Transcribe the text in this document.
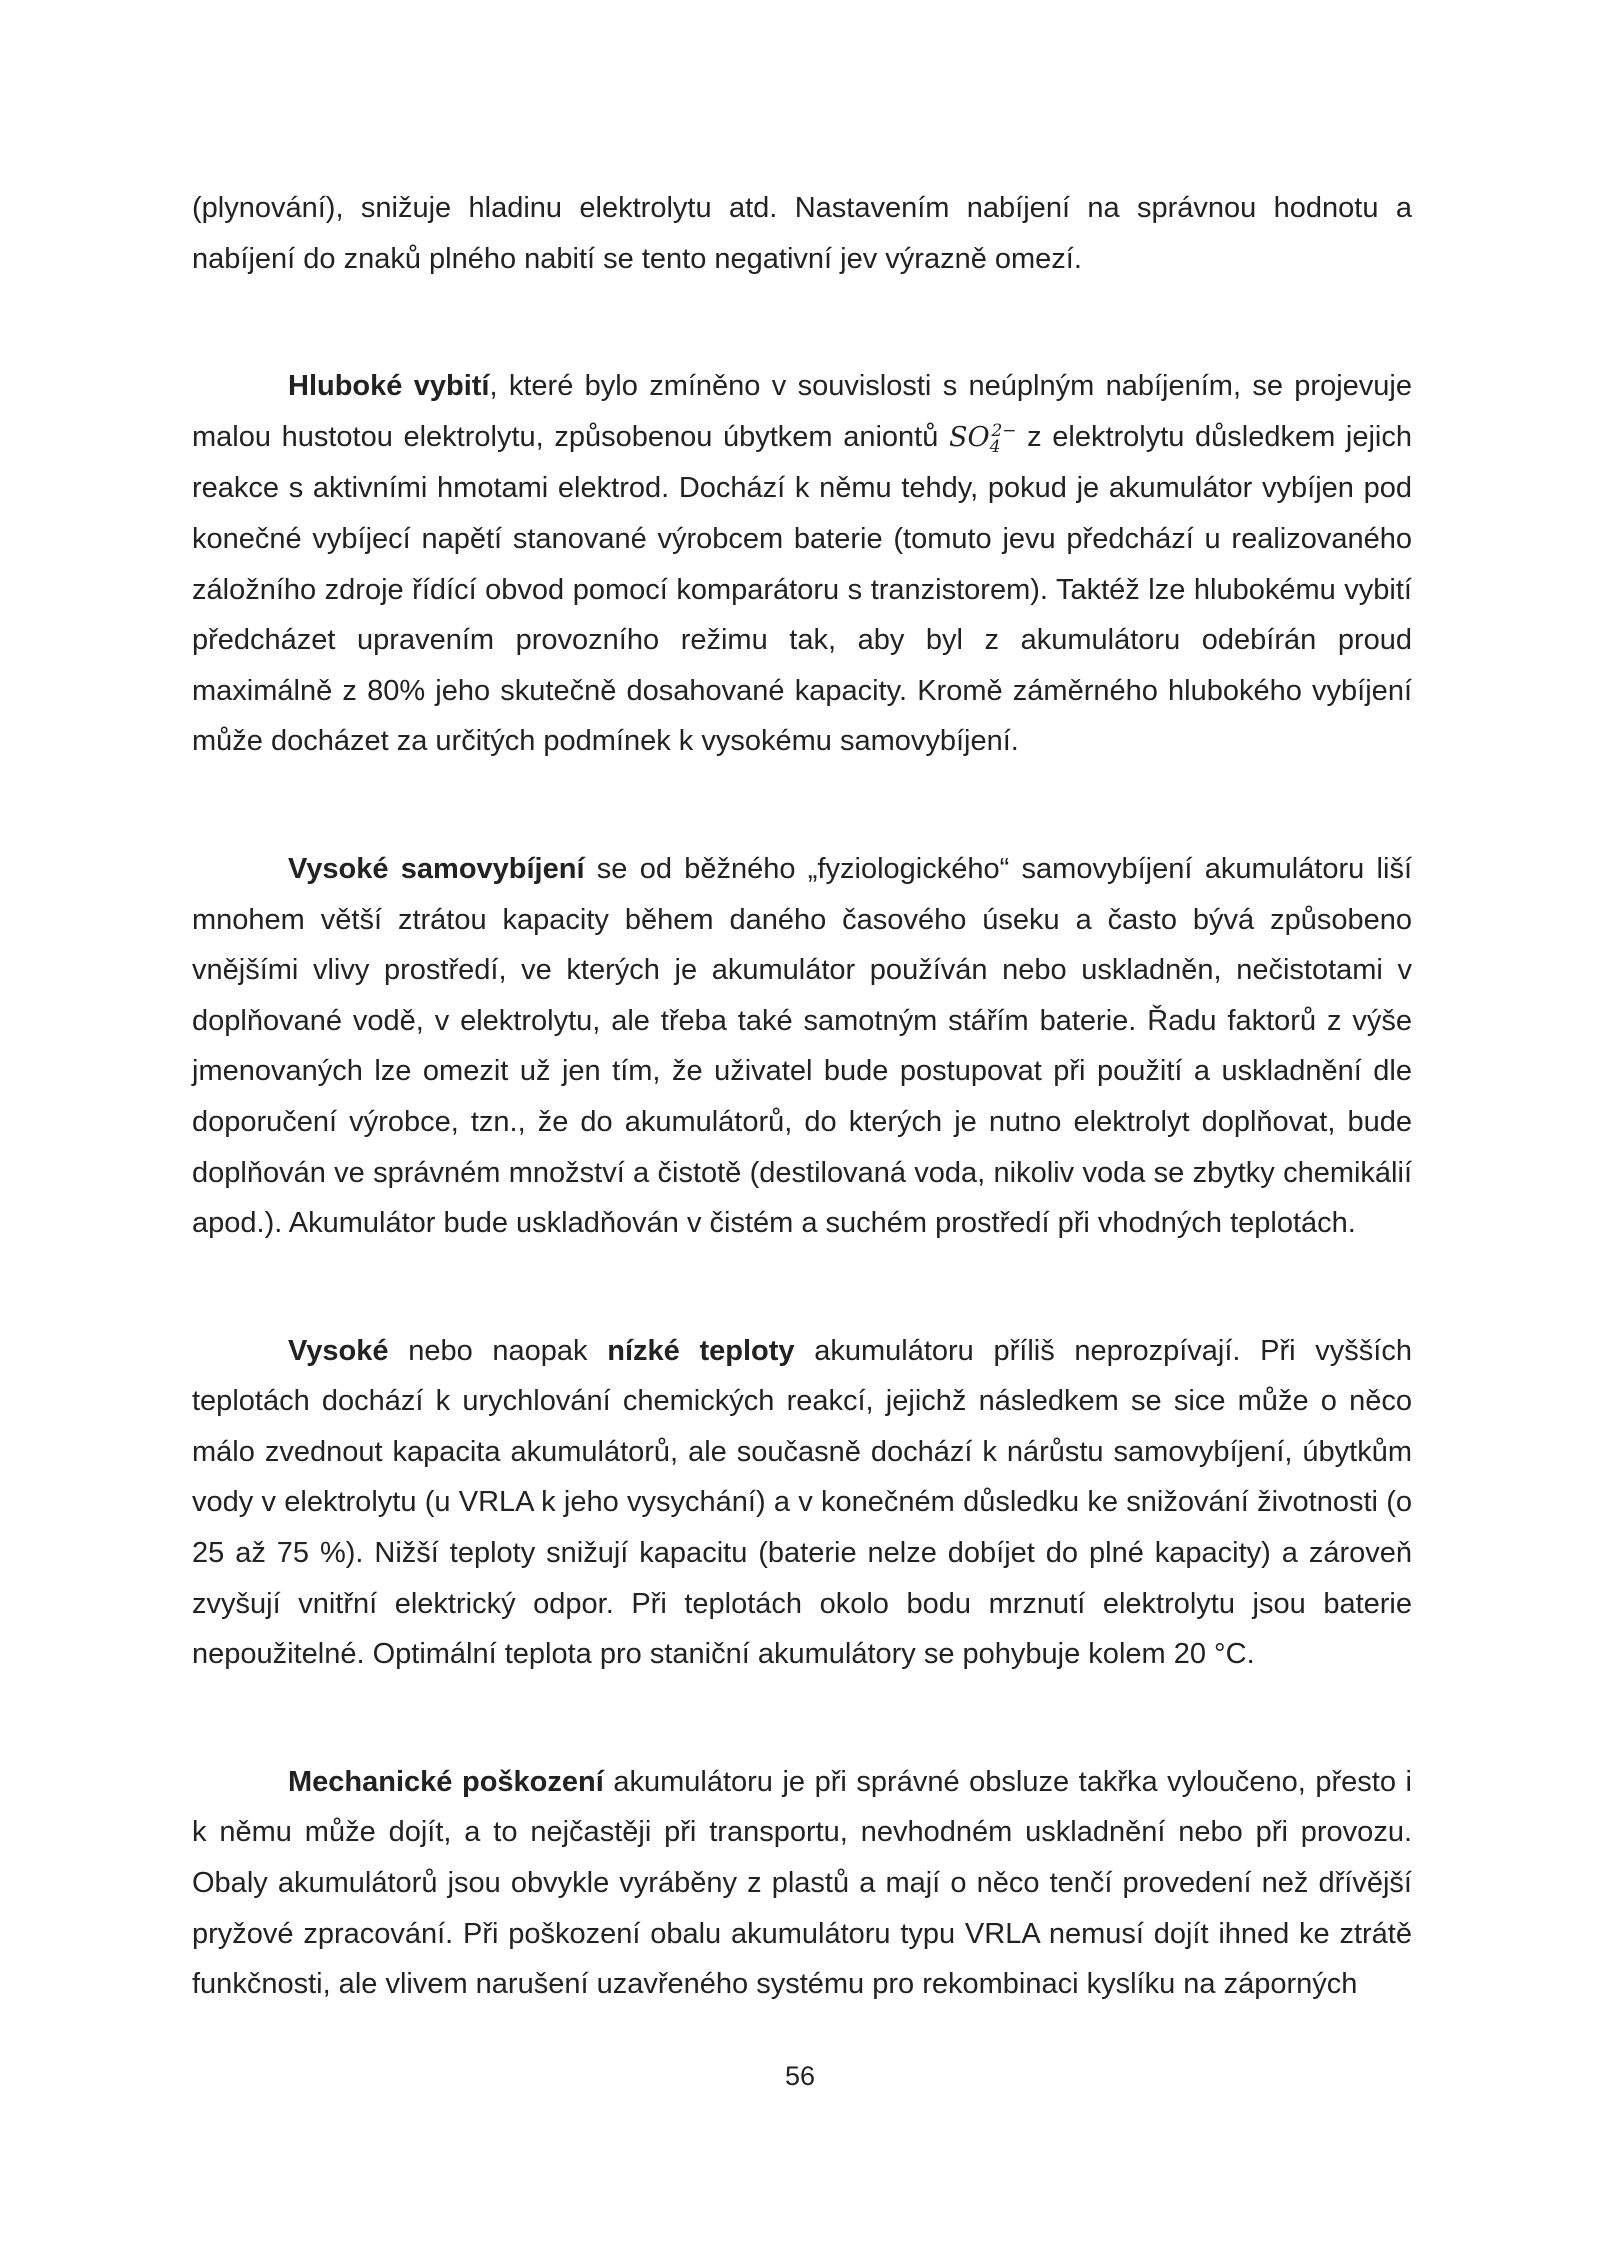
(plynování), snižuje hladinu elektrolytu atd. Nastavením nabíjení na správnou hodnotu a nabíjení do znaků plného nabití se tento negativní jev výrazně omezí.

Hluboké vybití, které bylo zmíněno v souvislosti s neúplným nabíjením, se projevuje malou hustotou elektrolytu, způsobenou úbytkem aniontů $SO_4^{2-}$ z elektrolytu důsledkem jejich reakce s aktivními hmotami elektrod. Dochází k němu tehdy, pokud je akumulátor vybíjen pod konečné vybíjecí napětí stanované výrobcem baterie (tomuto jevu předchází u realizovaného záložního zdroje řídící obvod pomocí komparátoru s tranzistorem). Taktéž lze hlubokému vybití předcházet upravením provozního režimu tak, aby byl z akumulátoru odebírán proud maximálně z 80% jeho skutečně dosahované kapacity. Kromě záměrného hlubokého vybíjení může docházet za určitých podmínek k vysokému samovybíjení.

Vysoké samovybíjení se od běžného „fyziologického“ samovybíjení akumulátoru liší mnohem větší ztrátou kapacity během daného časového úseku a často bývá způsobeno vnějšími vlivy prostředí, ve kterých je akumulátor používán nebo uskladněn, nečistotami v doplňované vodě, v elektrolytu, ale třeba také samotným stářím baterie. Řadu faktorů z výše jmenovaných lze omezit už jen tím, že uživatel bude postupovat při použití a uskladnění dle doporučení výrobce, tzn., že do akumulátorů, do kterých je nutno elektrolyt doplňovat, bude doplňován ve správném množství a čistotě (destilovaná voda, nikoliv voda se zbytky chemikálií apod.). Akumulátor bude uskladňován v čistém a suchém prostředí při vhodných teplotách.

Vysoké nebo naopak nízké teploty akumulátoru příliš neprozpívají. Při vyšších teplotách dochází k urychlování chemických reakcí, jejichž následkem se sice může o něco málo zvednout kapacita akumulátorů, ale současně dochází k nárůstu samovybíjení, úbytkům vody v elektrolytu (u VRLA k jeho vysychání) a v konečném důsledku ke snižování životnosti (o 25 až 75 %). Nižší teploty snižují kapacitu (baterie nelze dobíjet do plné kapacity) a zároveň zvyšují vnitřní elektrický odpor. Při teplotách okolo bodu mrznutí elektrolytu jsou baterie nepoužitelné. Optimální teplota pro staniční akumulátory se pohybuje kolem 20 °C.

Mechanické poškození akumulátoru je při správné obsluze takřka vyloučeno, přesto i k němu může dojít, a to nejčastěji při transportu, nevhodném uskladnění nebo při provozu. Obaly akumulátorů jsou obvykle vyráběny z plastů a mají o něco tenčí provedení než dřívější pryžové zpracování. Při poškození obalu akumulátoru typu VRLA nemusí dojít ihned ke ztrátě funkčnosti, ale vlivem narušení uzavřeného systému pro rekombinaci kyslíku na záporných

56
